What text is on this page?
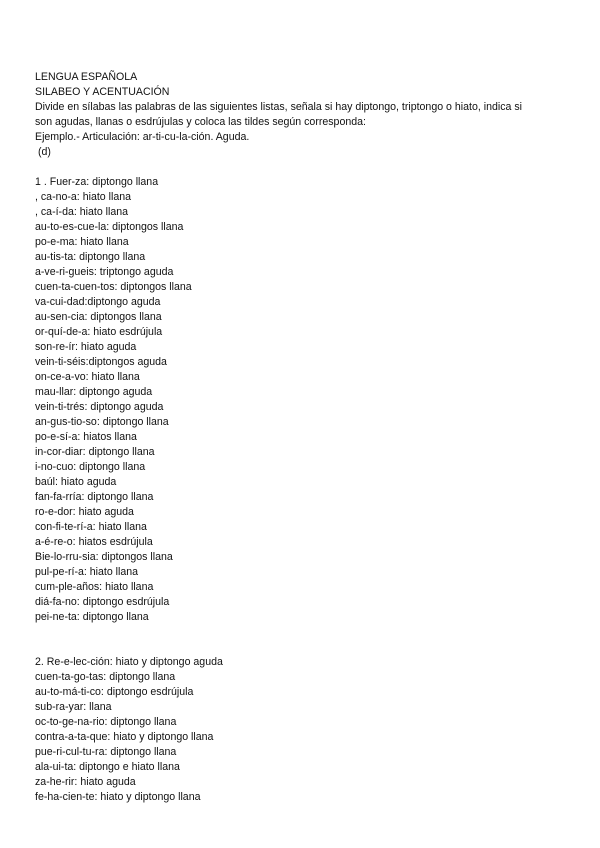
LENGUA ESPAÑOLA
SILABEO Y ACENTUACIÓN
Divide en sílabas las palabras de las siguientes listas, señala si hay diptongo, triptongo o hiato, indica si
son agudas, llanas o esdrújulas y coloca las tildes según corresponda:
Ejemplo.- Articulación: ar-ti-cu-la-ción. Aguda.
(d)
1 . Fuer-za: diptongo llana
, ca-no-a: hiato llana
, ca-í-da: hiato llana
au-to-es-cue-la: diptongos llana
po-e-ma: hiato llana
au-tis-ta: diptongo llana
a-ve-ri-gueis: triptongo aguda
cuen-ta-cuen-tos: diptongos llana
va-cui-dad:diptongo aguda
au-sen-cia: diptongos llana
or-quí-de-a: hiato esdrújula
son-re-ír: hiato aguda
vein-ti-séis:diptongos aguda
on-ce-a-vo: hiato llana
mau-llar: diptongo aguda
vein-ti-trés: diptongo aguda
an-gus-tio-so: diptongo llana
po-e-sí-a: hiatos llana
in-cor-diar: diptongo llana
i-no-cuo: diptongo llana
baúl: hiato aguda
fan-fa-rría: diptongo llana
ro-e-dor: hiato aguda
con-fi-te-rí-a: hiato llana
a-é-re-o: hiatos esdrújula
Bie-lo-rru-sia: diptongos llana
pul-pe-rí-a: hiato llana
cum-ple-años: hiato llana
diá-fa-no: diptongo esdrújula
pei-ne-ta: diptongo llana
2. Re-e-lec-ción: hiato y diptongo aguda
cuen-ta-go-tas: diptongo llana
au-to-má-ti-co: diptongo esdrújula
sub-ra-yar: llana
oc-to-ge-na-rio: diptongo llana
contra-a-ta-que: hiato y diptongo llana
pue-ri-cul-tu-ra: diptongo llana
ala-ui-ta: diptongo e hiato llana
za-he-rir: hiato aguda
fe-ha-cien-te: hiato y diptongo llana
